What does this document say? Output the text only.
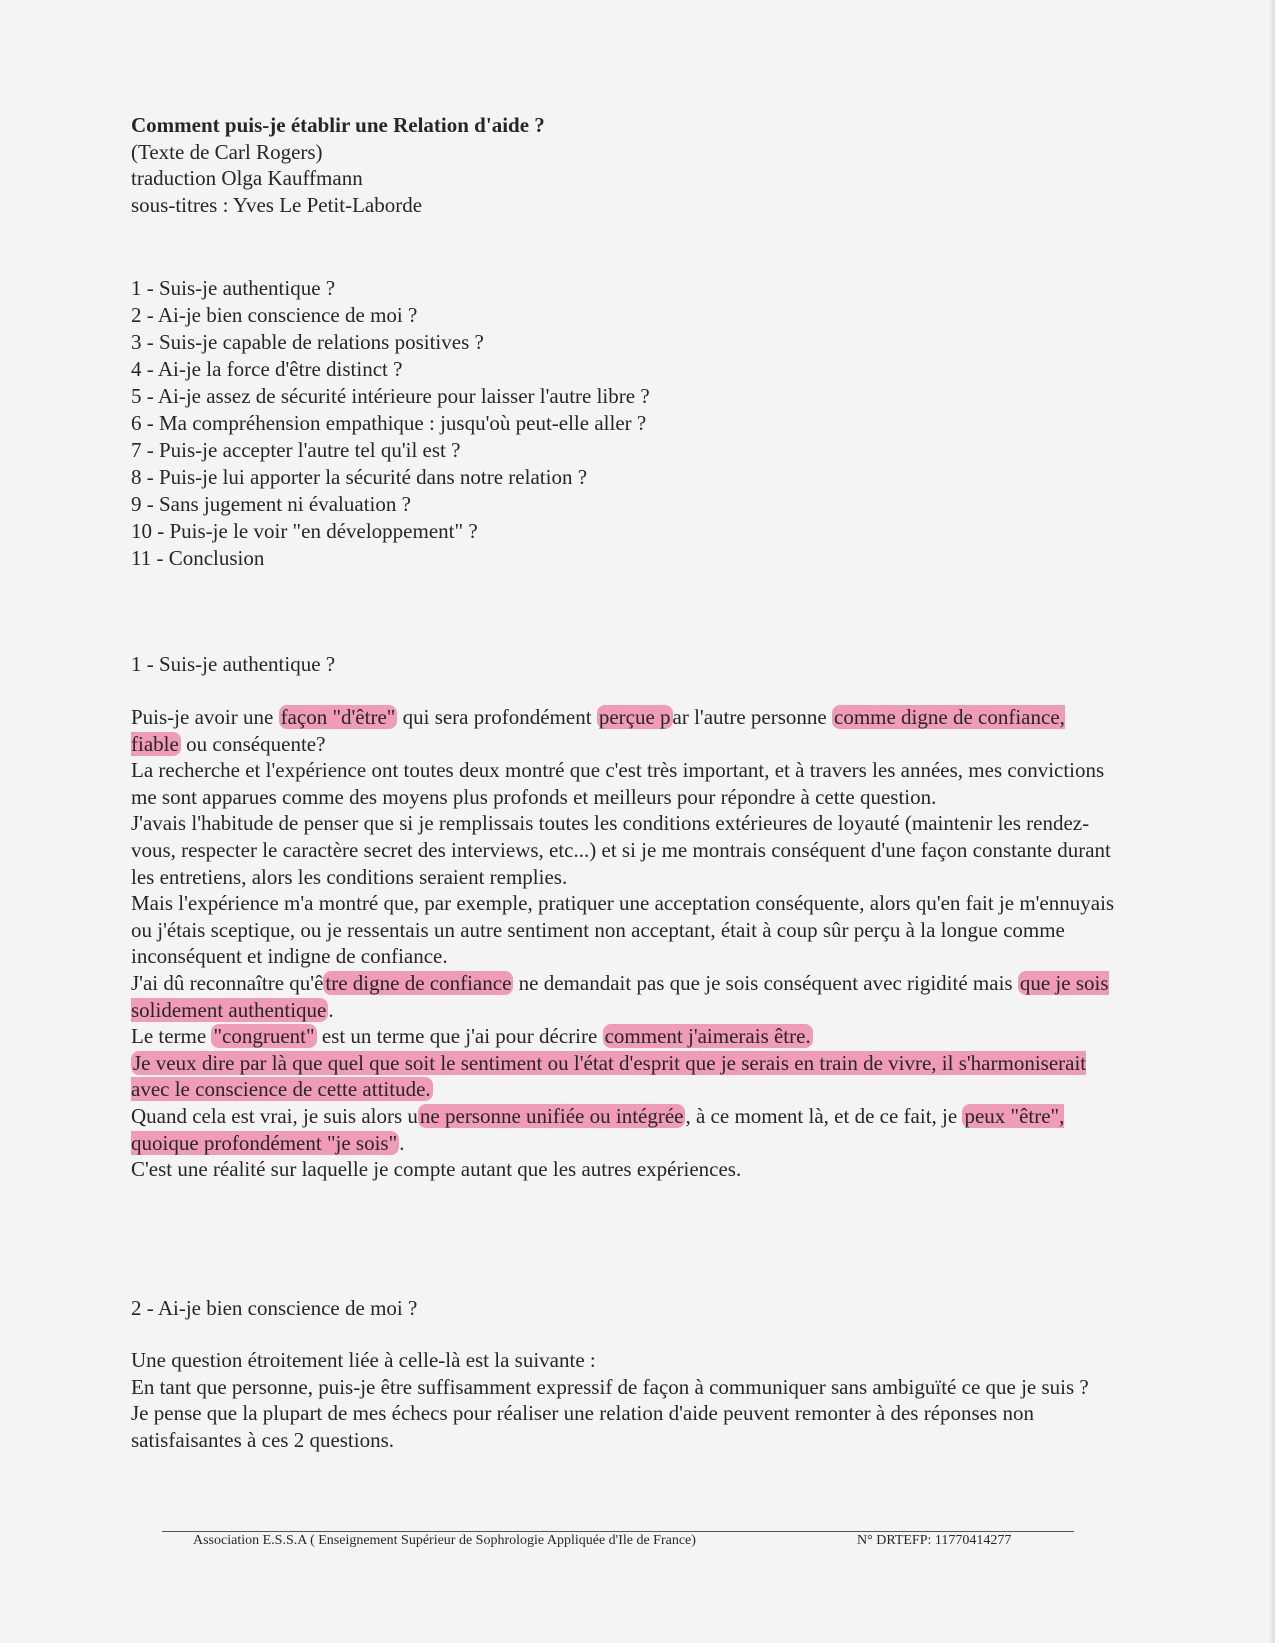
Comment puis-je établir une Relation d'aide ?
(Texte de Carl Rogers)
traduction Olga Kauffmann
sous-titres : Yves Le Petit-Laborde
1 - Suis-je authentique ?
2 - Ai-je bien conscience de moi ?
3 - Suis-je capable de relations positives ?
4 - Ai-je la force d'être distinct ?
5 - Ai-je assez de sécurité intérieure pour laisser l'autre libre ?
6 - Ma compréhension empathique : jusqu'où peut-elle aller ?
7 - Puis-je accepter l'autre tel qu'il est ?
8 - Puis-je lui apporter la sécurité dans notre relation ?
9 - Sans jugement ni évaluation ?
10 - Puis-je le voir "en développement" ?
11 - Conclusion
1 - Suis-je authentique ?

Puis-je avoir une façon "d'être" qui sera profondément perçue par l'autre personne comme digne de confiance, fiable ou conséquente?

La recherche et l'expérience ont toutes deux montré que c'est très important, et à travers les années, mes convictions me sont apparues comme des moyens plus profonds et meilleurs pour répondre à cette question.

J'avais l'habitude de penser que si je remplissais toutes les conditions extérieures de loyauté (maintenir les rendez-vous, respecter le caractère secret des interviews, etc...) et si je me montrais conséquent d'une façon constante durant les entretiens, alors les conditions seraient remplies.

Mais l'expérience m'a montré que, par exemple, pratiquer une acceptation conséquente, alors qu'en fait je m'ennuyais ou j'étais sceptique, ou je ressentais un autre sentiment non acceptant, était à coup sûr perçu à la longue comme inconséquent et indigne de confiance.

J'ai dû reconnaître qu'être digne de confiance ne demandait pas que je sois conséquent avec rigidité mais que je sois solidement authentique.

Le terme "congruent" est un terme que j'ai pour décrire comment j'aimerais être.

Je veux dire par là que quel que soit le sentiment ou l'état d'esprit que je serais en train de vivre, il s'harmoniserait avec le conscience de cette attitude.

Quand cela est vrai, je suis alors une personne unifiée ou intégrée, à ce moment là, et de ce fait, je peux "être", quoique profondément "je sois".

C'est une réalité sur laquelle je compte autant que les autres expériences.

2 - Ai-je bien conscience de moi ?

Une question étroitement liée à celle-là est la suivante :

En tant que personne, puis-je être suffisamment expressif de façon à communiquer sans ambiguïté ce que je suis ?

Je pense que la plupart de mes échecs pour réaliser une relation d'aide peuvent remonter à des réponses non satisfaisantes à ces 2 questions.

Association E.S.S.A ( Enseignement Supérieur de Sophrologie Appliquée d'Ile de France)	N° DRTEFP: 11770414277
